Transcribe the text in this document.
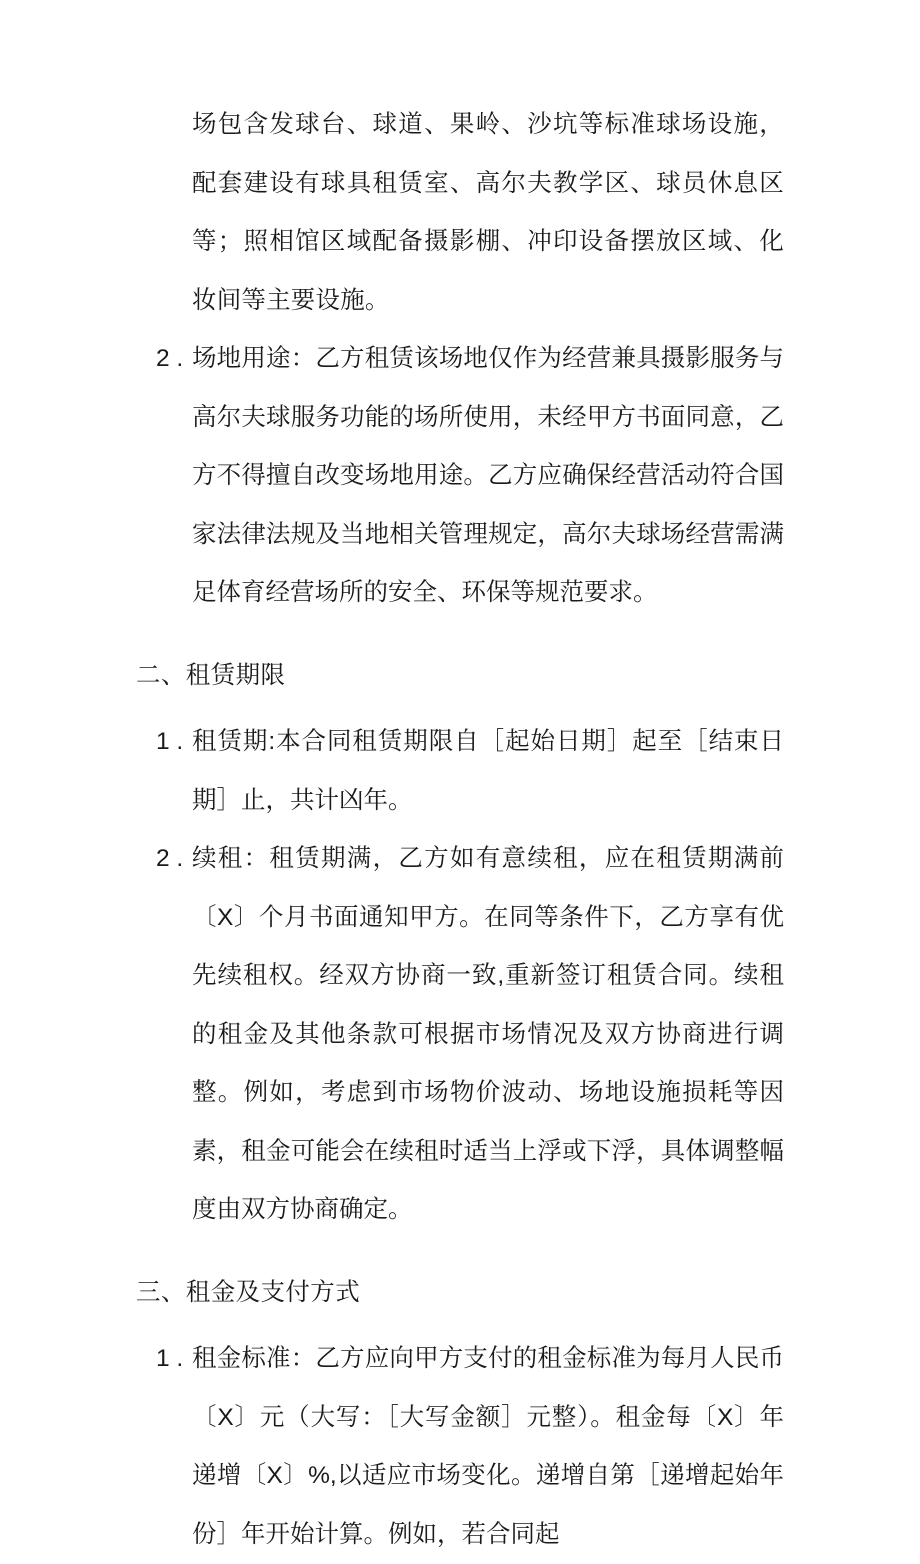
场包含发球台、球道、果岭、沙坑等标准球场设施，配套建设有球具租赁室、高尔夫教学区、球员休息区等；照相馆区域配备摄影棚、冲印设备摆放区域、化妆间等主要设施。

2 . 场地用途：乙方租赁该场地仅作为经营兼具摄影服务与高尔夫球服务功能的场所使用，未经甲方书面同意，乙方不得擅自改变场地用途。乙方应确保经营活动符合国家法律法规及当地相关管理规定，高尔夫球场经营需满足体育经营场所的安全、环保等规范要求。
二、租赁期限
1 . 租赁期:本合同租赁期限自［起始日期］起至［结束日期］止，共计凶年。
2 . 续租：租赁期满，乙方如有意续租，应在租赁期满前〔X〕个月书面通知甲方。在同等条件下，乙方享有优先续租权。经双方协商一致,重新签订租赁合同。续租的租金及其他条款可根据市场情况及双方协商进行调整。例如，考虑到市场物价波动、场地设施损耗等因素，租金可能会在续租时适当上浮或下浮，具体调整幅度由双方协商确定。
三、租金及支付方式
1 . 租金标准：乙方应向甲方支付的租金标准为每月人民币〔X〕元（大写：［大写金额］元整）。租金每〔X〕年递增〔X〕%,以适应市场变化。递增自第［递增起始年份］年开始计算。例如，若合同起
